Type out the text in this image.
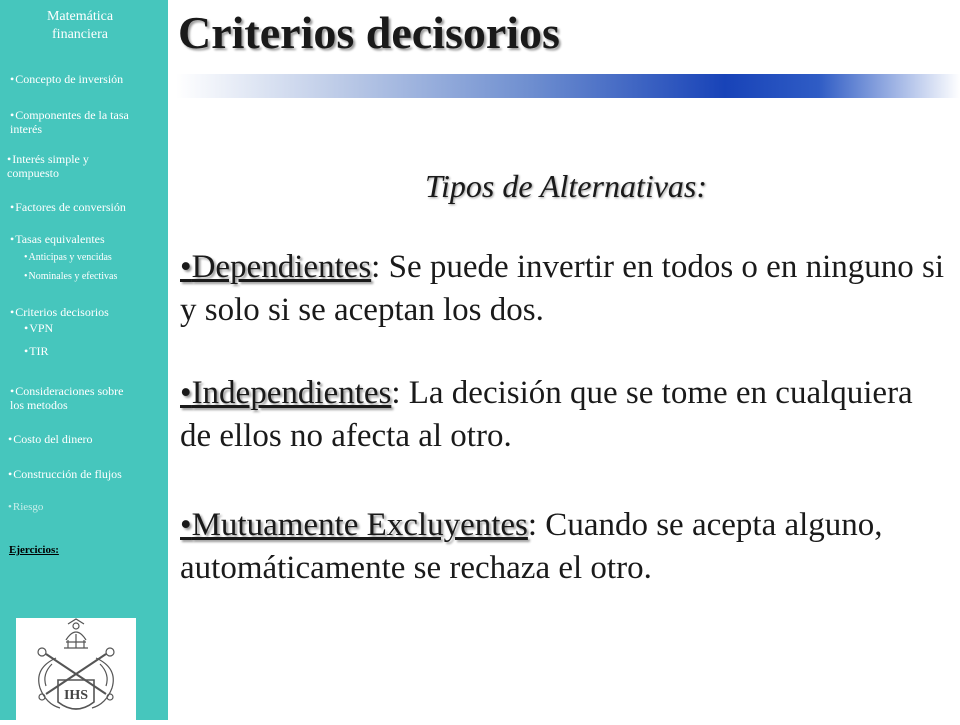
Matemática
financiera
•Concepto de inversión
•Componentes de la tasa
interés
•Interés simple y
compuesto
•Factores de conversión
•Tasas equivalentes
•Anticipas y vencidas
•Nominales y efectivas
•Criterios decisorios
•VPN
•TIR
•Consideraciones sobre
los metodos
•Costo del dinero
•Construcción de flujos
•Riesgo
Ejercicios:
IHS
Criterios decisorios
Tipos de Alternativas:
•Dependientes: Se puede invertir en todos o en ninguno si y solo si se aceptan los dos.
•Independientes: La decisión que se tome en cualquiera de ellos no afecta al otro.
•Mutuamente Excluyentes: Cuando se acepta alguno, automáticamente se rechaza el otro.
